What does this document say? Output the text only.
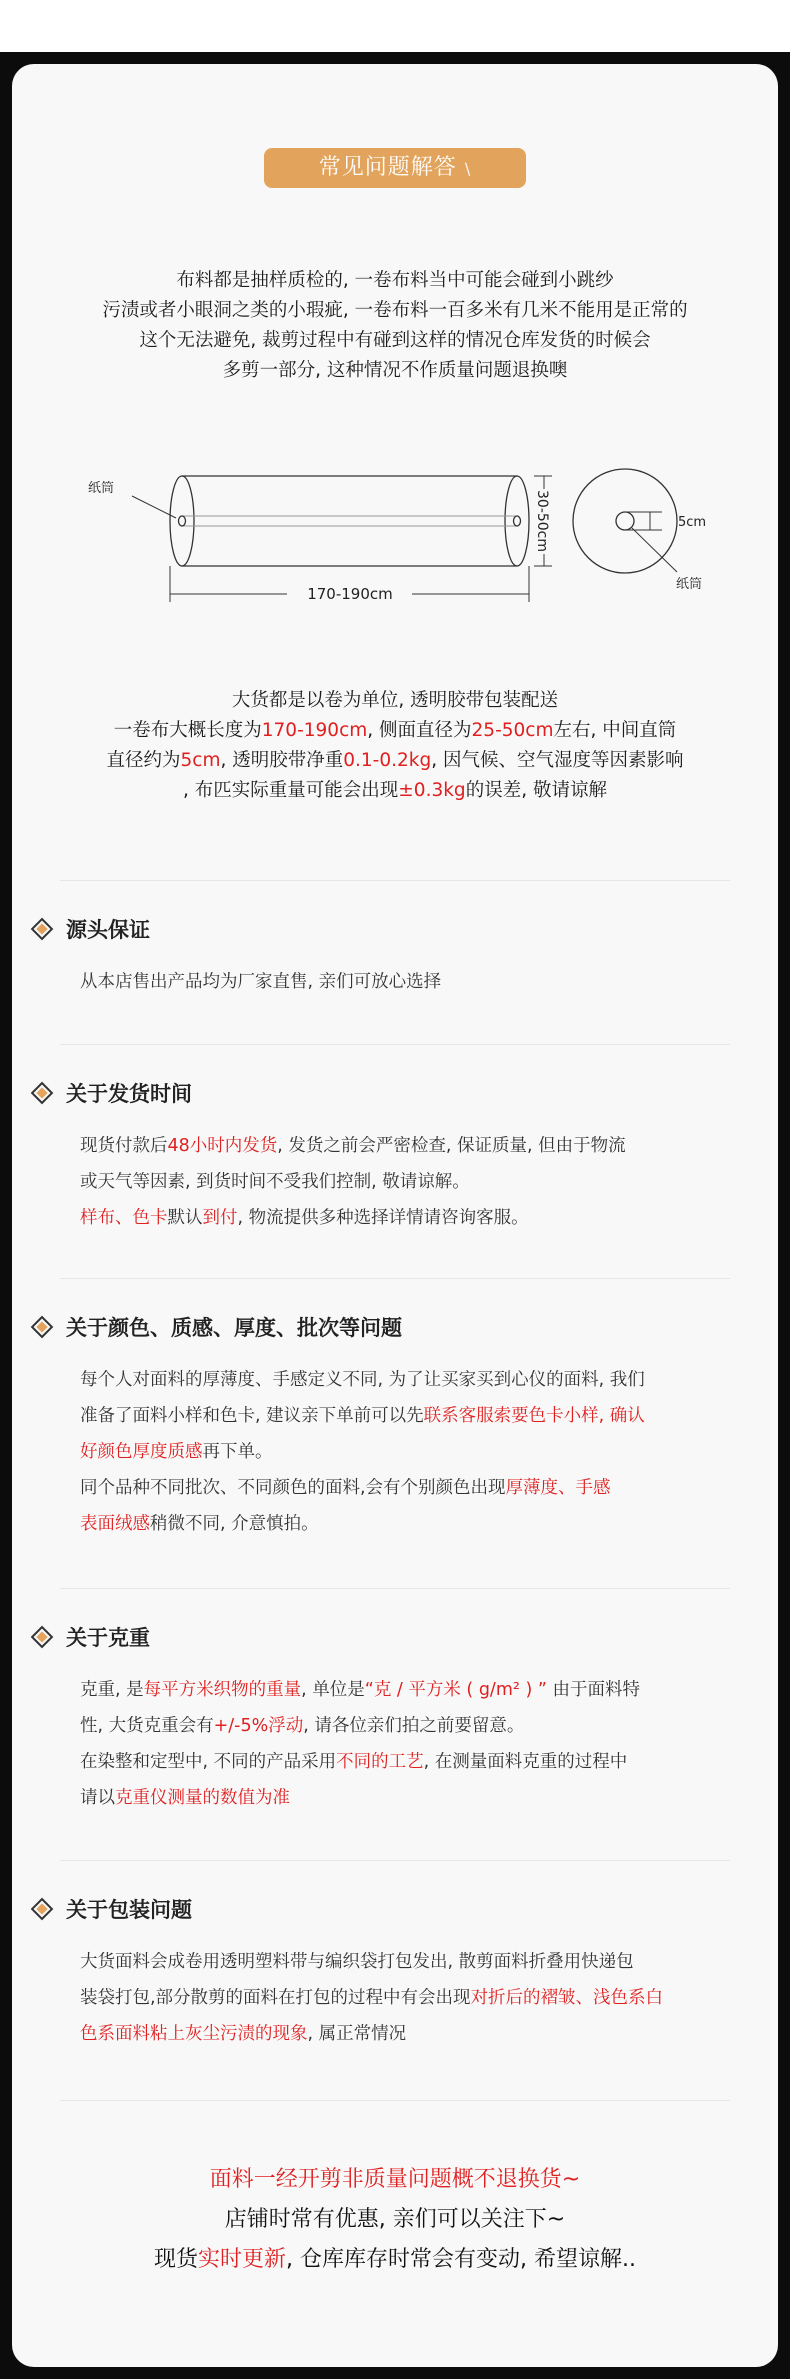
常见问题解答 \

布料都是抽样质检的, 一卷布料当中可能会碰到小跳纱

污渍或者小眼洞之类的小瑕疵, 一卷布料一百多米有几米不能用是正常的

这个无法避免, 裁剪过程中有碰到这样的情况仓库发货的时候会

多剪一部分, 这种情况不作质量问题退换噢

纸筒
170-190cm
30-50cm	5cm
纸筒

大货都是以卷为单位, 透明胶带包装配送

一卷布大概长度为170-190cm, 侧面直径为25-50cm左右, 中间直筒

直径约为5cm, 透明胶带净重0.1-0.2kg, 因气候、空气湿度等因素影响

, 布匹实际重量可能会出现±0.3kg的误差, 敬请谅解

源头保证
从本店售出产品均为厂家直售, 亲们可放心选择
关于发货时间
现货付款后48小时内发货, 发货之前会严密检查, 保证质量, 但由于物流
或天气等因素, 到货时间不受我们控制, 敬请谅解。
样布、色卡默认到付, 物流提供多种选择详情请咨询客服。
关于颜色、质感、厚度、批次等问题
每个人对面料的厚薄度、手感定义不同, 为了让买家买到心仪的面料, 我们
准备了面料小样和色卡, 建议亲下单前可以先联系客服索要色卡小样, 确认
好颜色厚度质感再下单。
同个品种不同批次、不同颜色的面料,会有个别颜色出现厚薄度、手感
表面绒感稍微不同, 介意慎拍。
关于克重
克重, 是每平方米织物的重量, 单位是“克 / 平方米 ( g/m² ) ” 由于面料特
性, 大货克重会有+/-5%浮动, 请各位亲们拍之前要留意。
在染整和定型中, 不同的产品采用不同的工艺, 在测量面料克重的过程中
请以克重仪测量的数值为准
关于包装问题
大货面料会成卷用透明塑料带与编织袋打包发出, 散剪面料折叠用快递包
装袋打包,部分散剪的面料在打包的过程中有会出现对折后的褶皱、浅色系白
色系面料粘上灰尘污渍的现象, 属正常情况
面料一经开剪非质量问题概不退换货~
店铺时常有优惠, 亲们可以关注下~
现货实时更新, 仓库库存时常会有变动, 希望谅解..
